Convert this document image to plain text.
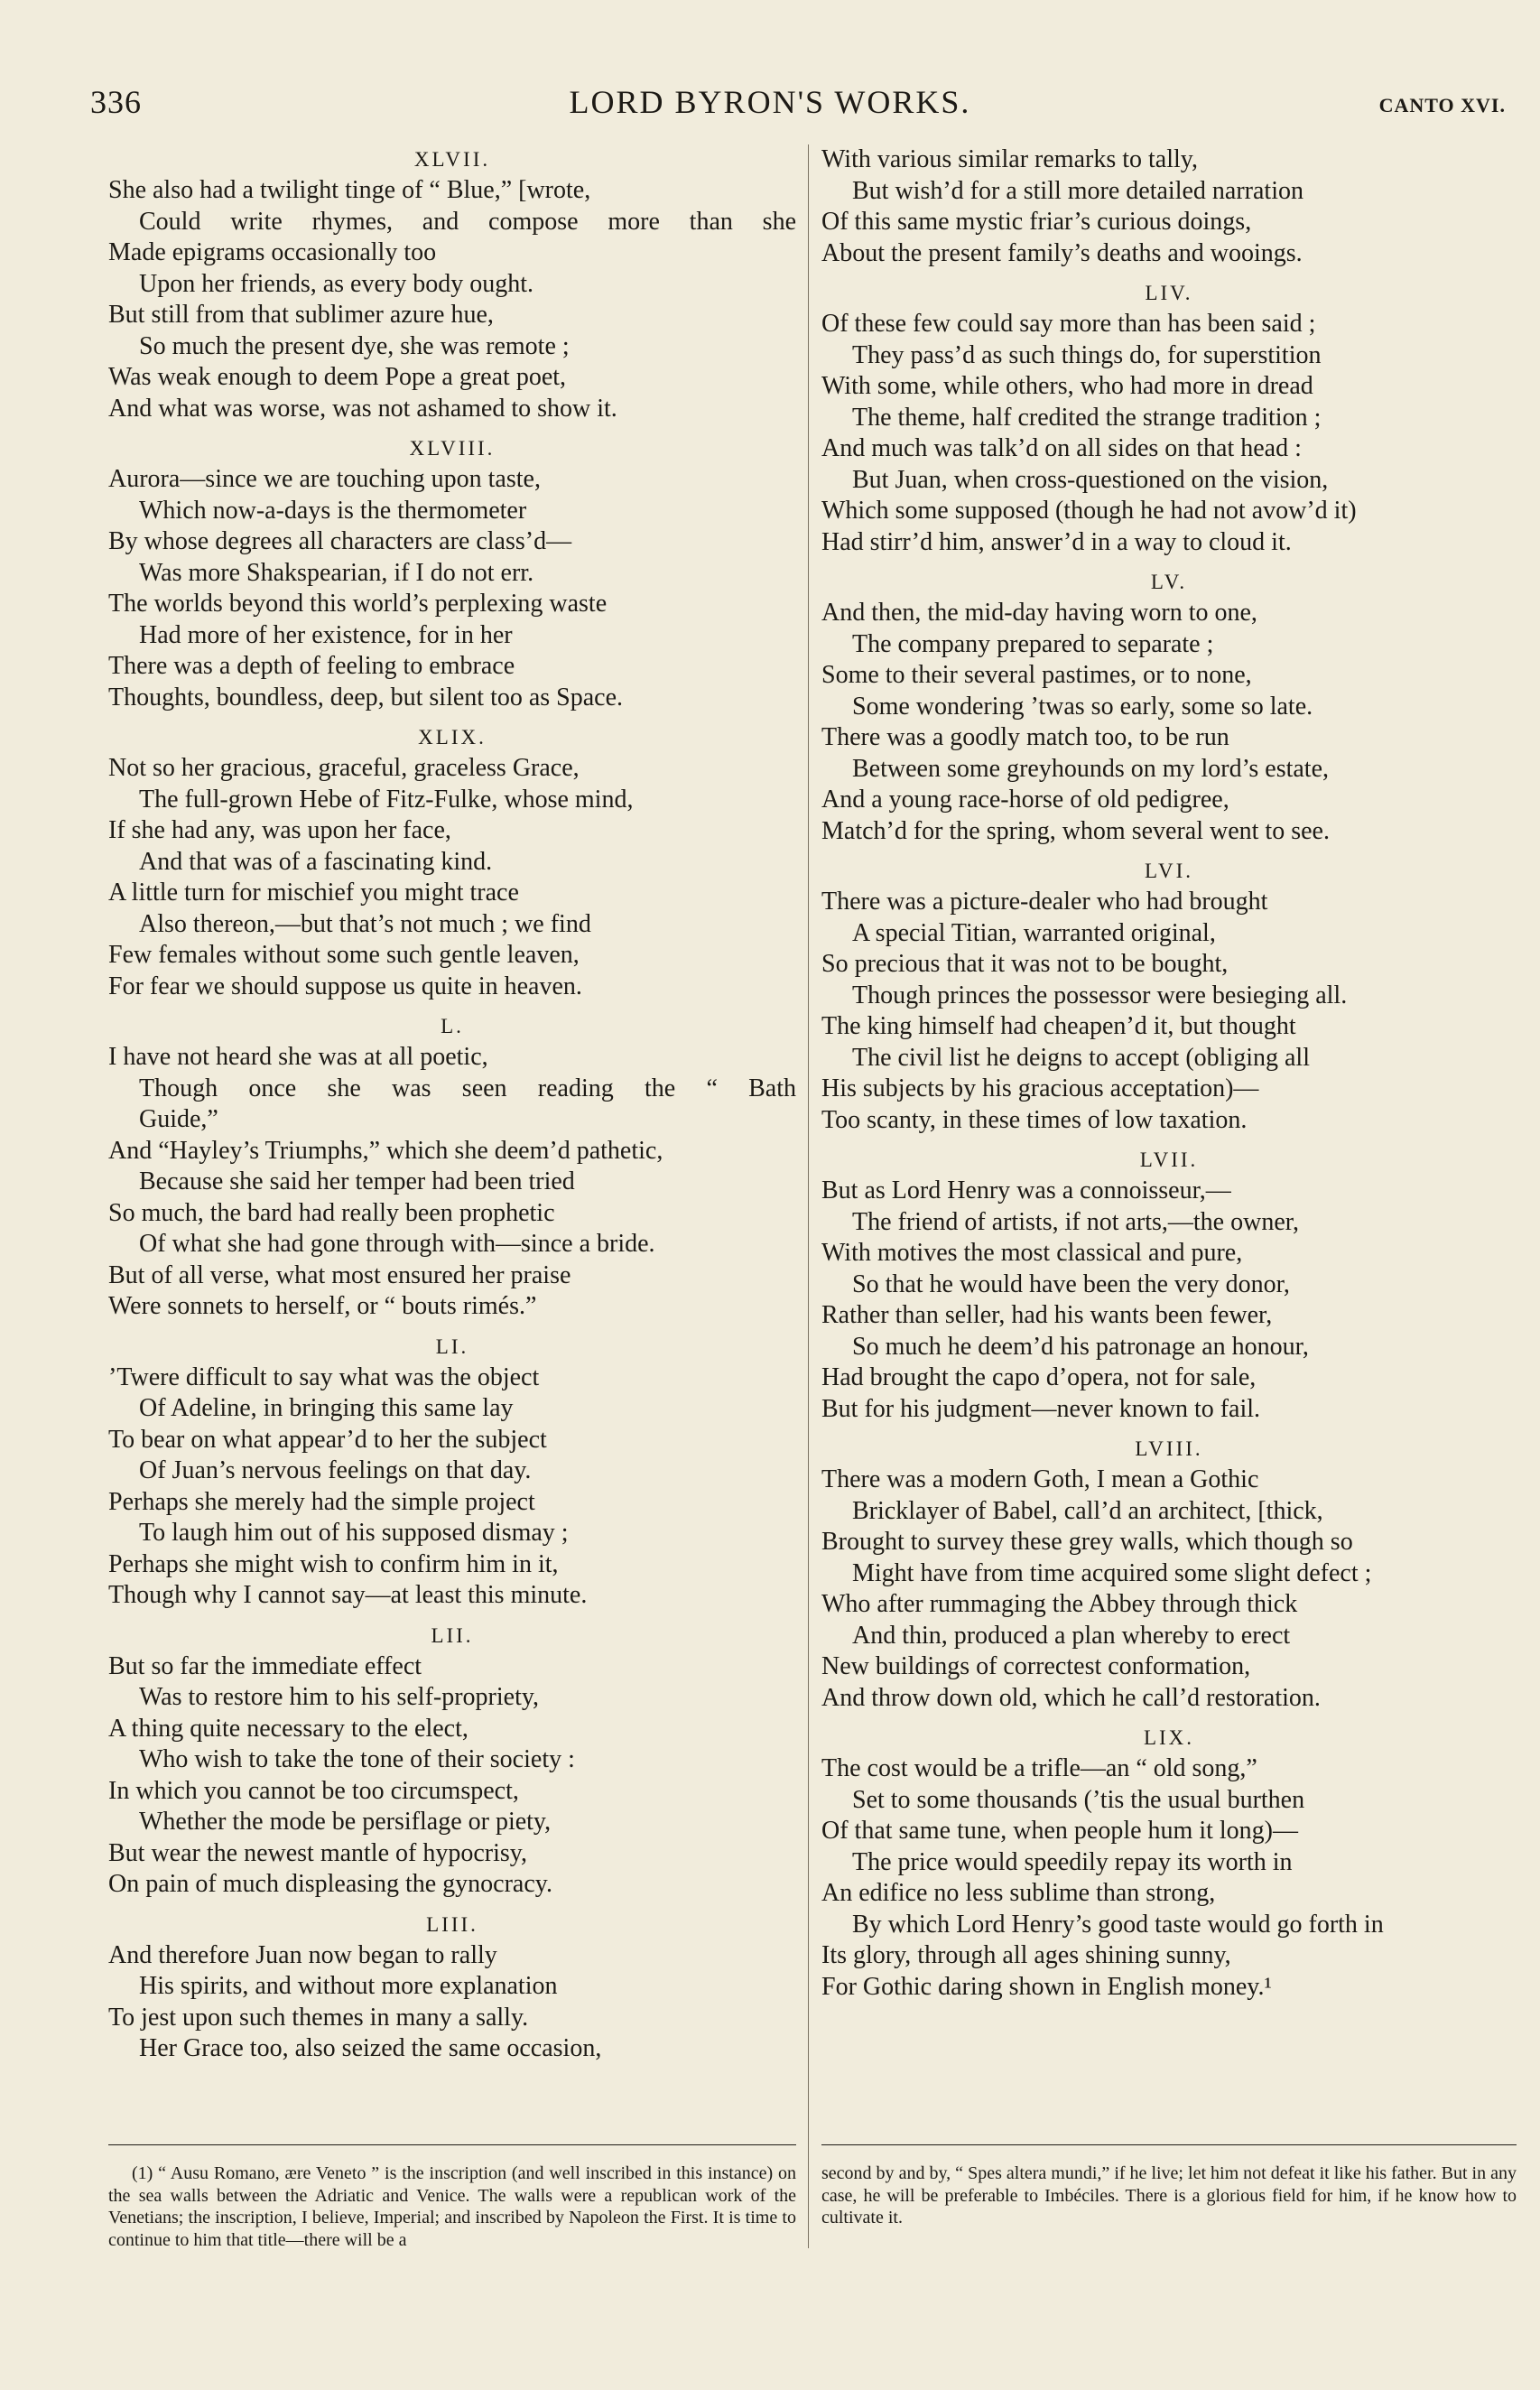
336	LORD BYRON'S WORKS.	CANTO XVI.
XLVII.
She also had a twilight tinge of “ Blue,” [wrote,
Could write rhymes, and compose more than she
Made epigrams occasionally too
Upon her friends, as every body ought.
But still from that sublimer azure hue,
So much the present dye, she was remote ;
Was weak enough to deem Pope a great poet,
And what was worse, was not ashamed to show it.
XLVIII.
Aurora—since we are touching upon taste,
Which now-a-days is the thermometer
By whose degrees all characters are class’d—
Was more Shakspearian, if I do not err.
The worlds beyond this world’s perplexing waste
Had more of her existence, for in her
There was a depth of feeling to embrace
Thoughts, boundless, deep, but silent too as Space.
XLIX.
Not so her gracious, graceful, graceless Grace,
The full-grown Hebe of Fitz-Fulke, whose mind,
If she had any, was upon her face,
And that was of a fascinating kind.
A little turn for mischief you might trace
Also thereon,—but that’s not much ; we find
Few females without some such gentle leaven,
For fear we should suppose us quite in heaven.
L.
I have not heard she was at all poetic,
Though once she was seen reading the “ Bath
Guide,”
And “Hayley’s Triumphs,” which she deem’d pathetic,
Because she said her temper had been tried
So much, the bard had really been prophetic
Of what she had gone through with—since a bride.
But of all verse, what most ensured her praise
Were sonnets to herself, or “ bouts rimés.”
LI.
’Twere difficult to say what was the object
Of Adeline, in bringing this same lay
To bear on what appear’d to her the subject
Of Juan’s nervous feelings on that day.
Perhaps she merely had the simple project
To laugh him out of his supposed dismay ;
Perhaps she might wish to confirm him in it,
Though why I cannot say—at least this minute.
LII.
But so far the immediate effect
Was to restore him to his self-propriety,
A thing quite necessary to the elect,
Who wish to take the tone of their society :
In which you cannot be too circumspect,
Whether the mode be persiflage or piety,
But wear the newest mantle of hypocrisy,
On pain of much displeasing the gynocracy.
LIII.
And therefore Juan now began to rally
His spirits, and without more explanation
To jest upon such themes in many a sally.
Her Grace too, also seized the same occasion,
With various similar remarks to tally,
But wish’d for a still more detailed narration
Of this same mystic friar’s curious doings,
About the present family’s deaths and wooings.
LIV.
Of these few could say more than has been said ;
They pass’d as such things do, for superstition
With some, while others, who had more in dread
The theme, half credited the strange tradition ;
And much was talk’d on all sides on that head :
But Juan, when cross-questioned on the vision,
Which some supposed (though he had not avow’d it)
Had stirr’d him, answer’d in a way to cloud it.
LV.
And then, the mid-day having worn to one,
The company prepared to separate ;
Some to their several pastimes, or to none,
Some wondering ’twas so early, some so late.
There was a goodly match too, to be run
Between some greyhounds on my lord’s estate,
And a young race-horse of old pedigree,
Match’d for the spring, whom several went to see.
LVI.
There was a picture-dealer who had brought
A special Titian, warranted original,
So precious that it was not to be bought,
Though princes the possessor were besieging all.
The king himself had cheapen’d it, but thought
The civil list he deigns to accept (obliging all
His subjects by his gracious acceptation)—
Too scanty, in these times of low taxation.
LVII.
But as Lord Henry was a connoisseur,—
The friend of artists, if not arts,—the owner,
With motives the most classical and pure,
So that he would have been the very donor,
Rather than seller, had his wants been fewer,
So much he deem’d his patronage an honour,
Had brought the capo d’opera, not for sale,
But for his judgment—never known to fail.
LVIII.
There was a modern Goth, I mean a Gothic
Bricklayer of Babel, call’d an architect, [thick,
Brought to survey these grey walls, which though so
Might have from time acquired some slight defect ;
Who after rummaging the Abbey through thick
And thin, produced a plan whereby to erect
New buildings of correctest conformation,
And throw down old, which he call’d restoration.
LIX.
The cost would be a trifle—an “ old song,”
Set to some thousands (’tis the usual burthen
Of that same tune, when people hum it long)—
The price would speedily repay its worth in
An edifice no less sublime than strong,
By which Lord Henry’s good taste would go forth in
Its glory, through all ages shining sunny,
For Gothic daring shown in English money.¹
(1) “ Ausu Romano, ære Veneto ” is the inscription (and well inscribed in this instance) on the sea walls between the Adriatic and Venice. The walls were a republican work of the Venetians; the inscription, I believe, Imperial; and inscribed by Napoleon the First. It is time to continue to him that title—there will be a
second by and by, “ Spes altera mundi,” if he live; let him not defeat it like his father. But in any case, he will be preferable to Imbéciles. There is a glorious field for him, if he know how to cultivate it.
